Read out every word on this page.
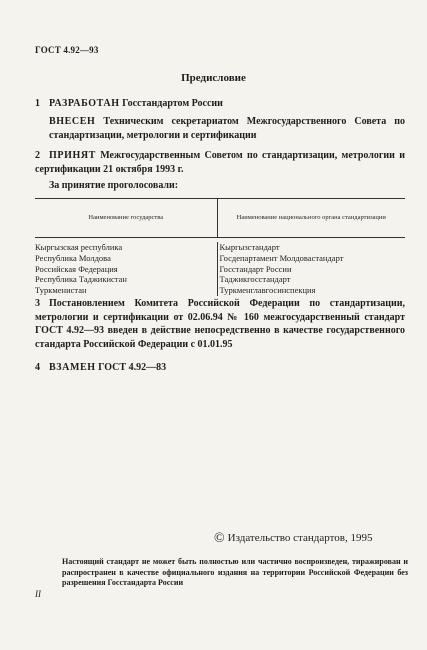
ГОСТ 4.92—93
Предисловие
1 РАЗРАБОТАН Госстандартом России
ВНЕСЕН Техническим секретариатом Межгосударственного Совета по стандартизации, метрологии и сертификации
2 ПРИНЯТ Межгосударственным Советом по стандартизации, метрологии и сертификации 21 октября 1993 г.
За принятие проголосовали:
Наименование государства	Наименование национального органа стандартизации
Кыргызская республика
Республика Молдова
Российская Федерация
Республика Таджикистан
Туркменистан
Кыргызстандарт
Госдепартамент Молдовастандарт
Госстандарт России
Таджикгосстандарт
Туркменглавгосинспекция
3 Постановлением Комитета Российской Федерации по стандартизации, метрологии и сертификации от 02.06.94 № 160 межгосударственный стандарт ГОСТ 4.92—93 введен в действие непосредственно в качестве государственного стандарта Российской Федерации с 01.01.95
4 ВЗАМЕН ГОСТ 4.92—83
© Издательство стандартов, 1995
Настоящий стандарт не может быть полностью или частично воспроизведен, тиражирован и распространен в качестве официального издания на территории Российской Федерации без разрешения Госстандарта России
II
